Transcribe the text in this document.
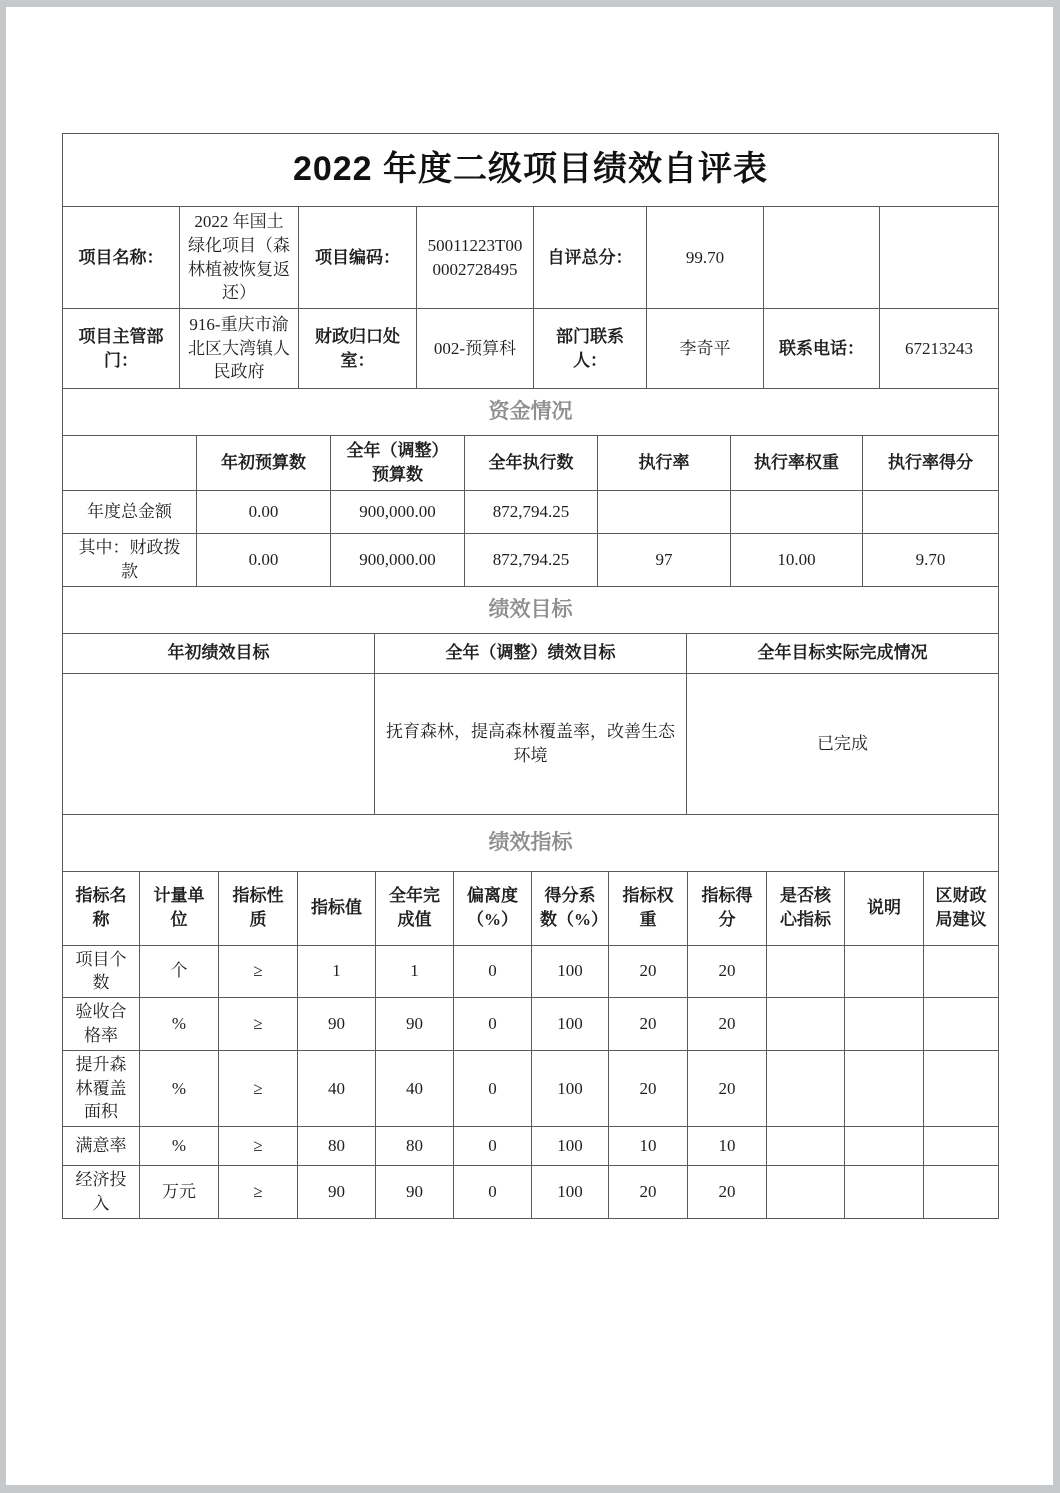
2022 年度二级项目绩效自评表
项目名称：	2022 年国土绿化项目（森林植被恢复返还）	项目编码：	50011223T000002728495	自评总分：	99.70		
项目主管部门：	916-重庆市渝北区大湾镇人民政府	财政归口处室：	002-预算科	部门联系人：	李奇平	联系电话：	67213243
资金情况
	年初预算数	全年（调整）预算数	全年执行数	执行率	执行率权重	执行率得分
年度总金额	0.00	900,000.00	872,794.25			
其中：财政拨款	0.00	900,000.00	872,794.25	97	10.00	9.70
绩效目标
年初绩效目标	全年（调整）绩效目标	全年目标实际完成情况
	抚育森林，提高森林覆盖率，改善生态环境	已完成
绩效指标
指标名称	计量单位	指标性质	指标值	全年完成值	偏离度（%）	得分系数（%）	指标权重	指标得分	是否核心指标	说明	区财政局建议
项目个数	个	≥	1	1	0	100	20	20			
验收合格率	%	≥	90	90	0	100	20	20			
提升森林覆盖面积	%	≥	40	40	0	100	20	20			
满意率	%	≥	80	80	0	100	10	10			
经济投入	万元	≥	90	90	0	100	20	20			
